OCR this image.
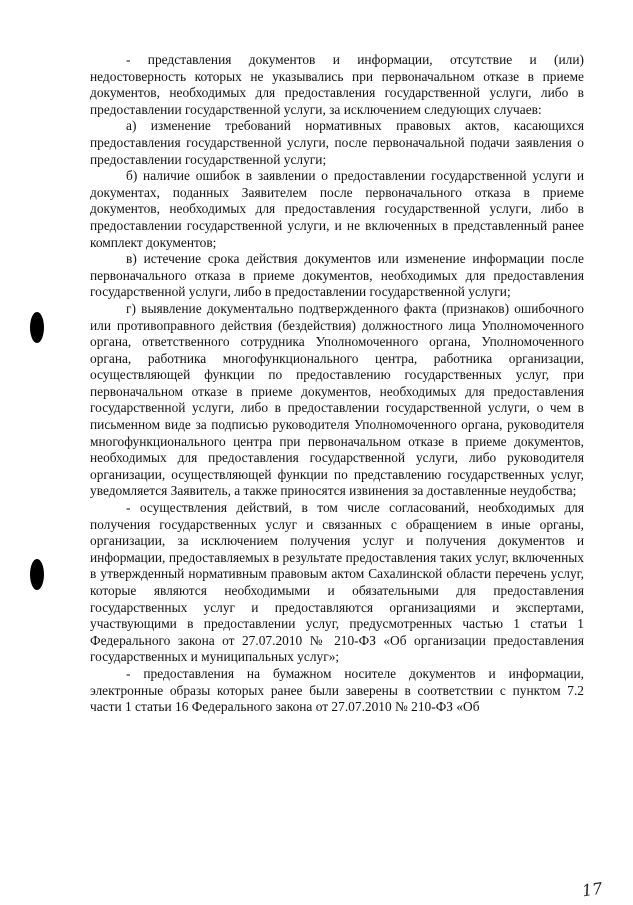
- представления документов и информации, отсутствие и (или) недостоверность которых не указывались при первоначальном отказе в приеме документов, необходимых для предоставления государственной услуги, либо в предоставлении государственной услуги, за исключением следующих случаев:

а) изменение требований нормативных правовых актов, касающихся предоставления государственной услуги, после первоначальной подачи заявления о предоставлении государственной услуги;

б) наличие ошибок в заявлении о предоставлении государственной услуги и документах, поданных Заявителем после первоначального отказа в приеме документов, необходимых для предоставления государственной услуги, либо в предоставлении государственной услуги, и не включенных в представленный ранее комплект документов;

в) истечение срока действия документов или изменение информации после первоначального отказа в приеме документов, необходимых для предоставления государственной услуги, либо в предоставлении государственной услуги;

г) выявление документально подтвержденного факта (признаков) ошибочного или противоправного действия (бездействия) должностного лица Уполномоченного органа, ответственного сотрудника Уполномоченного органа, Уполномоченного органа, работника многофункционального центра, работника организации, осуществляющей функции по предоставлению государственных услуг, при первоначальном отказе в приеме документов, необходимых для предоставления государственной услуги, либо в предоставлении государственной услуги, о чем в письменном виде за подписью руководителя Уполномоченного органа, руководителя многофункционального центра при первоначальном отказе в приеме документов, необходимых для предоставления государственной услуги, либо руководителя организации, осуществляющей функции по представлению государственных услуг, уведомляется Заявитель, а также приносятся извинения за доставленные неудобства;

- осуществления действий, в том числе согласований, необходимых для получения государственных услуг и связанных с обращением в иные органы, организации, за исключением получения услуг и получения документов и информации, предоставляемых в результате предоставления таких услуг, включенных в утвержденный нормативным правовым актом Сахалинской области перечень услуг, которые являются необходимыми и обязательными для предоставления государственных услуг и предоставляются организациями и экспертами, участвующими в предоставлении услуг, предусмотренных частью 1 статьи 1 Федерального закона от 27.07.2010 № 210-ФЗ «Об организации предоставления государственных и муниципальных услуг»;

- предоставления на бумажном носителе документов и информации, электронные образы которых ранее были заверены в соответствии с пунктом 7.2 части 1 статьи 16 Федерального закона от 27.07.2010 № 210-ФЗ «Об

17
